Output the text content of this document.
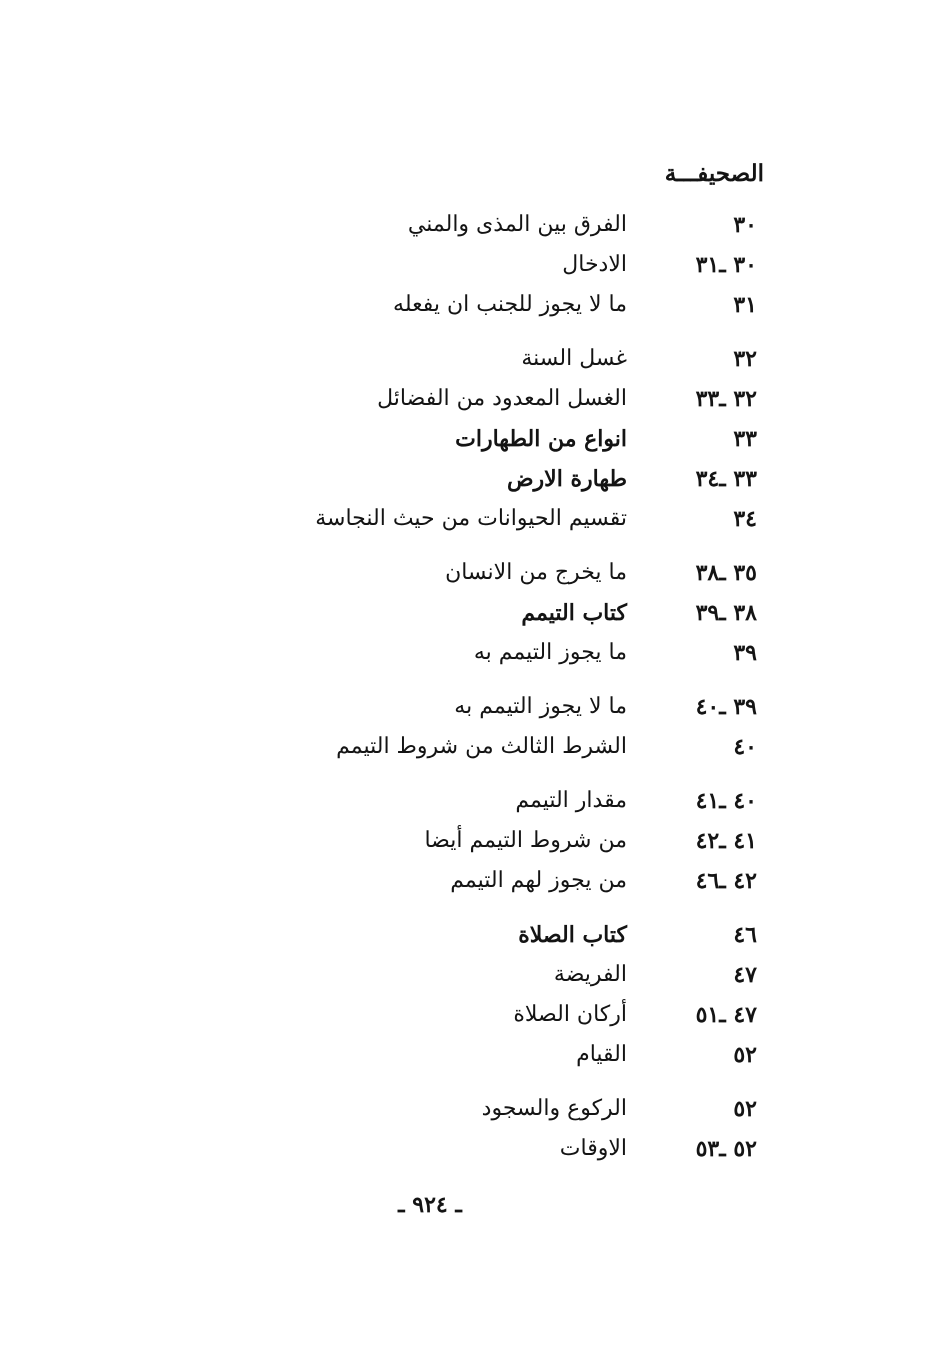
الصحيفـــة
٣٠
الفرق بين المذى والمني
٣٠ ـ٣١
الادخال
٣١
ما لا يجوز للجنب ان يفعله
٣٢
غسل السنة
٣٢ ـ٣٣
الغسل المعدود من الفضائل
٣٣
انواع من الطهارات
٣٣ ـ٣٤
طهارة الارض
٣٤
تقسيم الحيوانات من حيث النجاسة
٣٥ ـ٣٨
ما يخرج من الانسان
٣٨ ـ٣٩
كتاب التيمم
٣٩
ما يجوز التيمم به
٣٩ ـ٤٠
ما لا يجوز التيمم به
٤٠
الشرط الثالث من شروط التيمم
٤٠ ـ٤١
مقدار التيمم
٤١ ـ٤٢
من شروط التيمم أيضا
٤٢ ـ٤٦
من يجوز لهم التيمم
٤٦
كتاب الصلاة
٤٧
الفريضة
٤٧ ـ٥١
أركان الصلاة
٥٢
القيام
٥٢
الركوع والسجود
٥٢ ـ٥٣
الاوقات
ـ ٩٢٤ ـ
